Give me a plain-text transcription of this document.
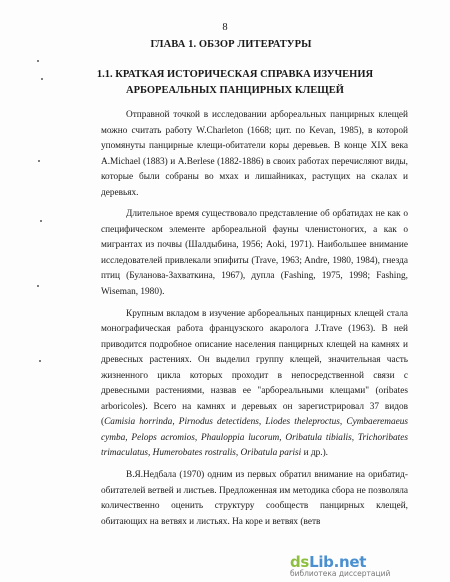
8
ГЛАВА 1. ОБЗОР ЛИТЕРАТУРЫ
1.1. КРАТКАЯ ИСТОРИЧЕСКАЯ СПРАВКА ИЗУЧЕНИЯ АРБОРЕАЛЬНЫХ ПАНЦИРНЫХ КЛЕЩЕЙ

Отправной точкой в исследовании арбореальных панцирных клещей можно считать работу W.Charleton (1668; цит. по Kevan, 1985), в которой упомянуты панцирные клещи-обитатели коры деревьев. В конце XIX века A.Michael (1883) и A.Berlese (1882-1886) в своих работах перечисляют виды, которые были собраны во мхах и лишайниках, растущих на скалах и деревьях.

Длительное время существовало представление об орбатидах не как о специфическом элементе арбореальной фауны членистоногих, а как о мигрантах из почвы (Шалдыбина, 1956; Aoki, 1971). Наибольшее внимание исследователей привлекали эпифиты (Trave, 1963; Andre, 1980, 1984), гнезда птиц (Буланова-Захваткина, 1967), дупла (Fashing, 1975, 1998; Fashing, Wiseman, 1980).

Крупным вкладом в изучение арбореальных панцирных клещей стала монографическая работа французского акаролога J.Trave (1963). В ней приводится подробное описание населения панцирных клещей на камнях и древесных растениях. Он выделил группу клещей, значительная часть жизненного цикла которых проходит в непосредственной связи с древесными растениями, назвав ее "арбореальными клещами" (oribates arboricoles). Всего на камнях и деревьях он зарегистрировал 37 видов (Camisia horrinda, Pirnodus detectidens, Liodes theleproctus, Cymbaeremaeus cymba, Pelops acromios, Phauloppia lucorum, Oribatula tibialis, Trichoribates trimaculatus, Humerobates rostralis, Oribatula parisi и др.).

В.Я.Недбала (1970) одним из первых обратил внимание на орибатид-обитателей ветвей и листьев. Предложенная им методика сбора не позволяла количественно оценить структуру сообществ панцирных клещей, обитающих на ветвях и листьях. На коре и ветвях (ветв

dsLib.net
библиотека диссертаций
